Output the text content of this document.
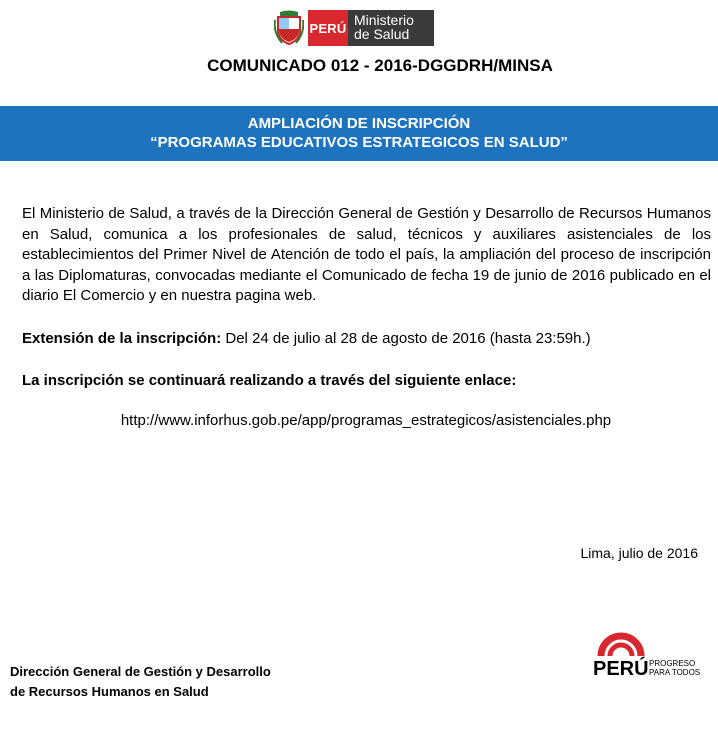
PERÚ Ministerio
de Salud
COMUNICADO 012 - 2016-DGGDRH/MINSA
AMPLIACIÓN DE INSCRIPCIÓN
“PROGRAMAS EDUCATIVOS ESTRATEGICOS EN SALUD”
El Ministerio de Salud, a través de la Dirección General de Gestión y Desarrollo de Recursos Humanos en Salud, comunica a los profesionales de salud, técnicos y auxiliares asistenciales de los establecimientos del Primer Nivel de Atención de todo el país, la ampliación del proceso de inscripción a las Diplomaturas, convocadas mediante el Comunicado de fecha 19 de junio de 2016 publicado en el diario El Comercio y en nuestra pagina web.
Extensión de la inscripción: Del 24 de julio al 28 de agosto de 2016 (hasta 23:59h.)
La inscripción se continuará realizando a través del siguiente enlace:
http://www.inforhus.gob.pe/app/programas_estrategicos/asistenciales.php
Lima, julio de 2016
Dirección General de Gestión y Desarrollo
de Recursos Humanos en Salud
PERÚ PROGRESO
PARA TODOS
